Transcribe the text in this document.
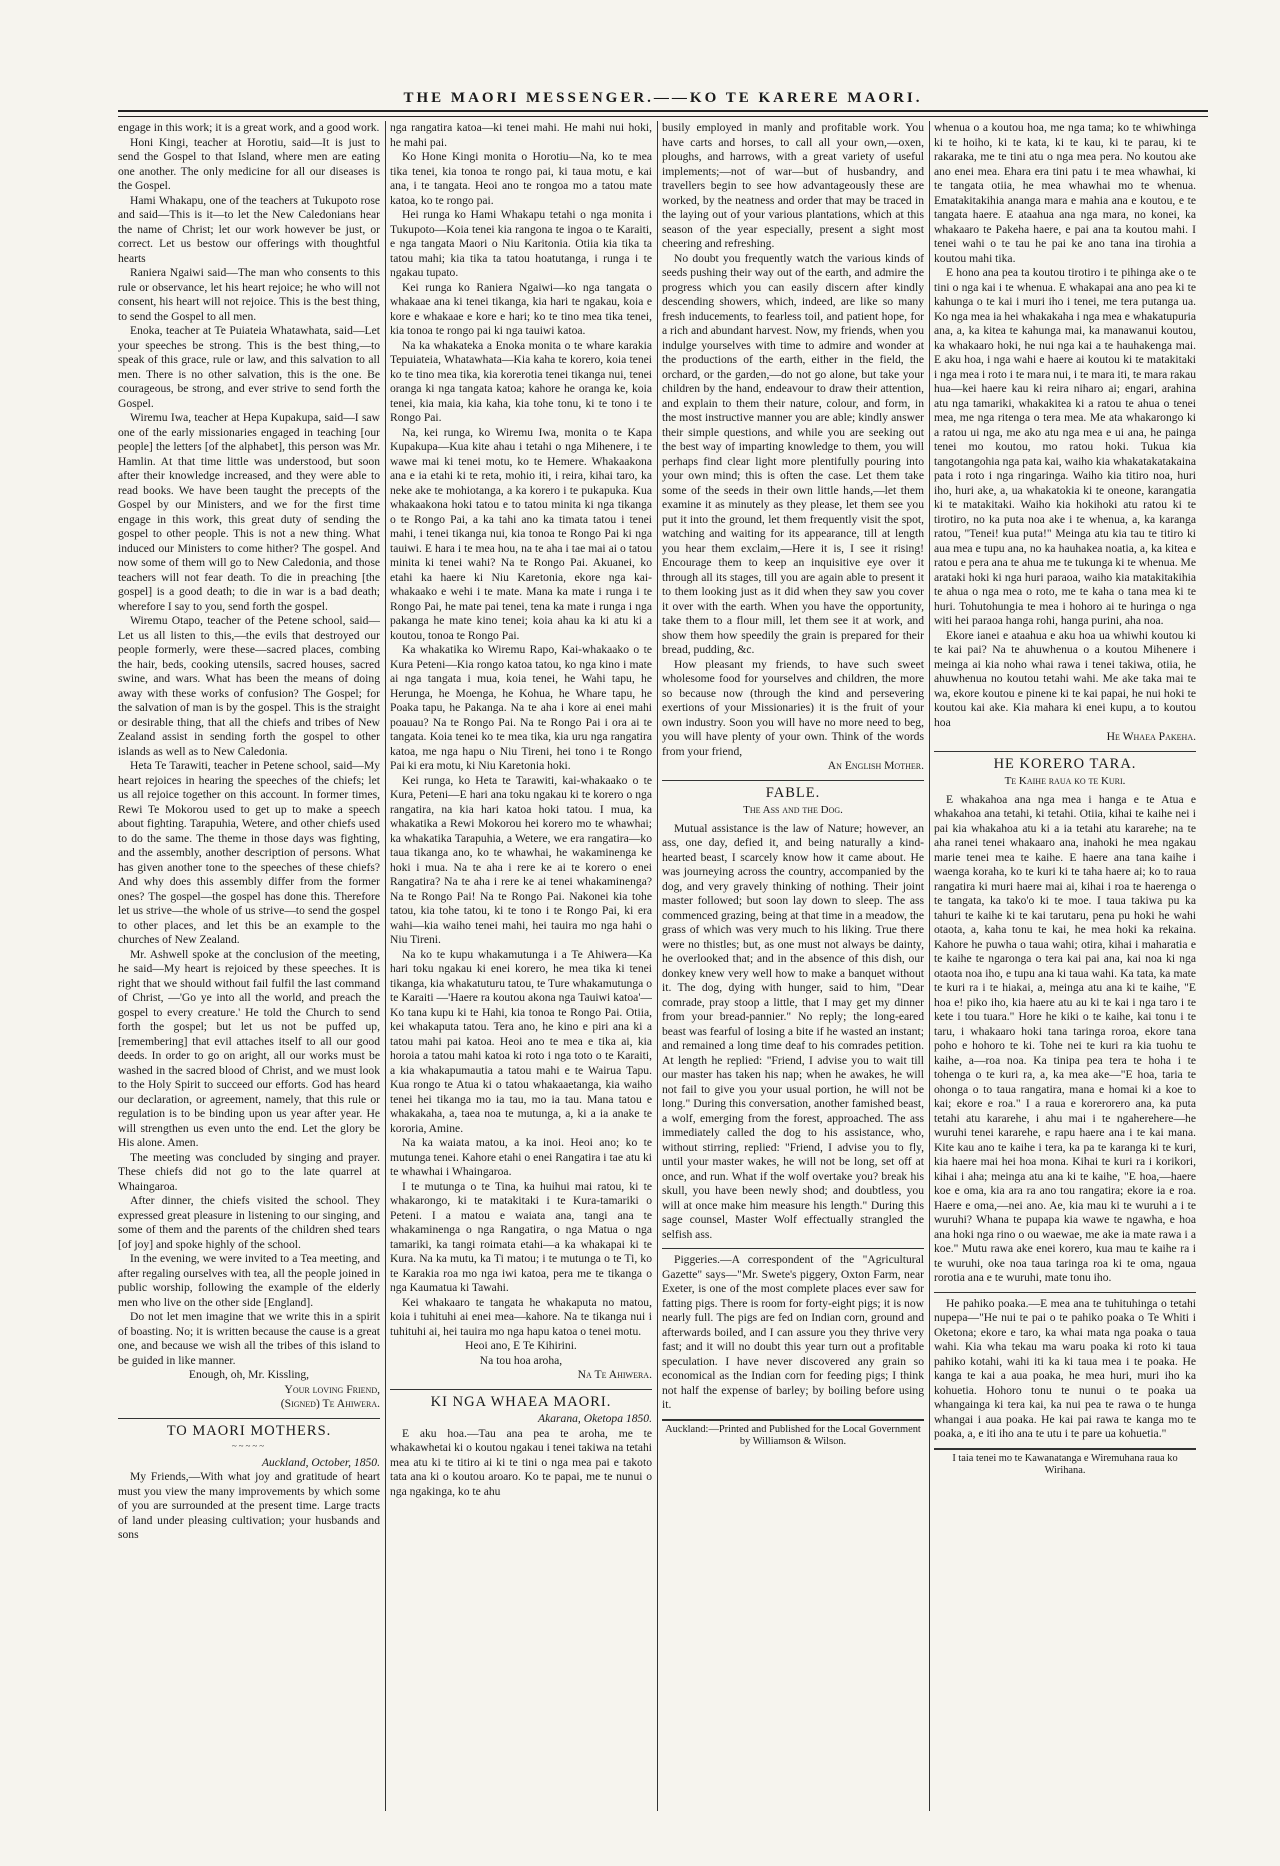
THE MAORI MESSENGER.——KO TE KARERE MAORI.

engage in this work; it is a great work, and a good work.

Honi Kingi, teacher at Horotiu, said—It is just to send the Gospel to that Island, where men are eating one another. The only medicine for all our diseases is the Gospel.

Hami Whakapu, one of the teachers at Tukupoto rose and said—This is it—to let the New Caledonians hear the name of Christ; let our work however be just, or correct. Let us bestow our offerings with thoughtful hearts

Raniera Ngaiwi said—The man who consents to this rule or observance, let his heart rejoice; he who will not consent, his heart will not rejoice. This is the best thing, to send the Gospel to all men.

Enoka, teacher at Te Puiateia Whatawhata, said—Let your speeches be strong. This is the best thing,—to speak of this grace, rule or law, and this salvation to all men. There is no other salvation, this is the one. Be courageous, be strong, and ever strive to send forth the Gospel.

Wiremu Iwa, teacher at Hepa Kupakupa, said—I saw one of the early missionaries engaged in teaching [our people] the letters [of the alphabet], this person was Mr. Hamlin. At that time little was understood, but soon after their knowledge increased, and they were able to read books. We have been taught the precepts of the Gospel by our Ministers, and we for the first time engage in this work, this great duty of sending the gospel to other people. This is not a new thing. What induced our Ministers to come hither? The gospel. And now some of them will go to New Caledonia, and those teachers will not fear death. To die in preaching [the gospel] is a good death; to die in war is a bad death; wherefore I say to you, send forth the gospel.

Wiremu Otapo, teacher of the Petene school, said—Let us all listen to this,—the evils that destroyed our people formerly, were these—sacred places, combing the hair, beds, cooking utensils, sacred houses, sacred swine, and wars. What has been the means of doing away with these works of confusion? The Gospel; for the salvation of man is by the gospel. This is the straight or desirable thing, that all the chiefs and tribes of New Zealand assist in sending forth the gospel to other islands as well as to New Caledonia.

Heta Te Tarawiti, teacher in Petene school, said—My heart rejoices in hearing the speeches of the chiefs; let us all rejoice together on this account. In former times, Rewi Te Mokorou used to get up to make a speech about fighting. Tarapuhia, Wetere, and other chiefs used to do the same. The theme in those days was fighting, and the assembly, another description of persons. What has given another tone to the speeches of these chiefs? And why does this assembly differ from the former ones? The gospel—the gospel has done this. Therefore let us strive—the whole of us strive—to send the gospel to other places, and let this be an example to the churches of New Zealand.

Mr. Ashwell spoke at the conclusion of the meeting, he said—My heart is rejoiced by these speeches. It is right that we should without fail fulfil the last command of Christ, —'Go ye into all the world, and preach the gospel to every creature.' He told the Church to send forth the gospel; but let us not be puffed up, [remembering] that evil attaches itself to all our good deeds. In order to go on aright, all our works must be washed in the sacred blood of Christ, and we must look to the Holy Spirit to succeed our efforts. God has heard our declaration, or agreement, namely, that this rule or regulation is to be binding upon us year after year. He will strengthen us even unto the end. Let the glory be His alone. Amen.

The meeting was concluded by singing and prayer. These chiefs did not go to the late quarrel at Whaingaroa.

After dinner, the chiefs visited the school. They expressed great pleasure in listening to our singing, and some of them and the parents of the children shed tears [of joy] and spoke highly of the school.

In the evening, we were invited to a Tea meeting, and after regaling ourselves with tea, all the people joined in public worship, following the example of the elderly men who live on the other side [England].

Do not let men imagine that we write this in a spirit of boasting. No; it is written because the cause is a great one, and because we wish all the tribes of this island to be guided in like manner.

Enough, oh, Mr. Kissling,

Your loving Friend,

(Signed) Te Ahiwera.

TO MAORI MOTHERS.
~~~~~

Auckland, October, 1850.

My Friends,—With what joy and gratitude of heart must you view the many improvements by which some of you are surrounded at the present time. Large tracts of land under pleasing cultivation; your husbands and sons

nga rangatira katoa—ki tenei mahi. He mahi nui hoki, he mahi pai.

Ko Hone Kingi monita o Horotiu—Na, ko te mea tika tenei, kia tonoa te rongo pai, ki taua motu, e kai ana, i te tangata. Heoi ano te rongoa mo a tatou mate katoa, ko te rongo pai.

Hei runga ko Hami Whakapu tetahi o nga monita i Tukupoto—Koia tenei kia rangona te ingoa o te Karaiti, e nga tangata Maori o Niu Karitonia. Otiia kia tika ta tatou mahi; kia tika ta tatou hoatutanga, i runga i te ngakau tupato.

Kei runga ko Raniera Ngaiwi—ko nga tangata o whakaae ana ki tenei tikanga, kia hari te ngakau, koia e kore e whakaae e kore e hari; ko te tino mea tika tenei, kia tonoa te rongo pai ki nga tauiwi katoa.

Na ka whakateka a Enoka monita o te whare karakia Tepuiateia, Whatawhata—Kia kaha te korero, koia tenei ko te tino mea tika, kia korerotia tenei tikanga nui, tenei oranga ki nga tangata katoa; kahore he oranga ke, koia tenei, kia maia, kia kaha, kia tohe tonu, ki te tono i te Rongo Pai.

Na, kei runga, ko Wiremu Iwa, monita o te Kapa Kupakupa—Kua kite ahau i tetahi o nga Mihenere, i te wawe mai ki tenei motu, ko te Hemere. Whakaakona ana e ia etahi ki te reta, mohio iti, i reira, kihai taro, ka neke ake te mohiotanga, a ka korero i te pukapuka. Kua whakaakona hoki tatou e to tatou minita ki nga tikanga o te Rongo Pai, a ka tahi ano ka timata tatou i tenei mahi, i tenei tikanga nui, kia tonoa te Rongo Pai ki nga tauiwi. E hara i te mea hou, na te aha i tae mai ai o tatou minita ki tenei wahi? Na te Rongo Pai. Akuanei, ko etahi ka haere ki Niu Karetonia, ekore nga kai-whakaako e wehi i te mate. Mana ka mate i runga i te Rongo Pai, he mate pai tenei, tena ka mate i runga i nga pakanga he mate kino tenei; koia ahau ka ki atu ki a koutou, tonoa te Rongo Pai.

Ka whakatika ko Wiremu Rapo, Kai-whakaako o te Kura Peteni—Kia rongo katoa tatou, ko nga kino i mate ai nga tangata i mua, koia tenei, he Wahi tapu, he Herunga, he Moenga, he Kohua, he Whare tapu, he Poaka tapu, he Pakanga. Na te aha i kore ai enei mahi poauau? Na te Rongo Pai. Na te Rongo Pai i ora ai te tangata. Koia tenei ko te mea tika, kia uru nga rangatira katoa, me nga hapu o Niu Tireni, hei tono i te Rongo Pai ki era motu, ki Niu Karetonia hoki.

Kei runga, ko Heta te Tarawiti, kai-whakaako o te Kura, Peteni—E hari ana toku ngakau ki te korero o nga rangatira, na kia hari katoa hoki tatou. I mua, ka whakatika a Rewi Mokorou hei korero mo te whawhai; ka whakatika Tarapuhia, a Wetere, we era rangatira—ko taua tikanga ano, ko te whawhai, he wakaminenga ke hoki i mua. Na te aha i rere ke ai te korero o enei Rangatira? Na te aha i rere ke ai tenei whakaminenga? Na te Rongo Pai! Na te Rongo Pai. Nakonei kia tohe tatou, kia tohe tatou, ki te tono i te Rongo Pai, ki era wahi—kia waiho tenei mahi, hei tauira mo nga hahi o Niu Tireni.

Na ko te kupu whakamutunga i a Te Ahiwera—Ka hari toku ngakau ki enei korero, he mea tika ki tenei tikanga, kia whakatuturu tatou, te Ture whakamutunga o te Karaiti —'Haere ra koutou akona nga Tauiwi katoa'—Ko tana kupu ki te Hahi, kia tonoa te Rongo Pai. Otiia, kei whakaputa tatou. Tera ano, he kino e piri ana ki a tatou mahi pai katoa. Heoi ano te mea e tika ai, kia horoia a tatou mahi katoa ki roto i nga toto o te Karaiti, a kia whakapumautia a tatou mahi e te Wairua Tapu. Kua rongo te Atua ki o tatou whakaaetanga, kia waiho tenei hei tikanga mo ia tau, mo ia tau. Mana tatou e whakakaha, a, taea noa te mutunga, a, ki a ia anake te kororia, Amine.

Na ka waiata matou, a ka inoi. Heoi ano; ko te mutunga tenei. Kahore etahi o enei Rangatira i tae atu ki te whawhai i Whaingaroa.

I te mutunga o te Tina, ka huihui mai ratou, ki te whakarongo, ki te matakitaki i te Kura-tamariki o Peteni. I a matou e waiata ana, tangi ana te whakaminenga o nga Rangatira, o nga Matua o nga tamariki, ka tangi roimata etahi—a ka whakapai ki te Kura. Na ka mutu, ka Ti matou; i te mutunga o te Ti, ko te Karakia roa mo nga iwi katoa, pera me te tikanga o nga Kaumatua ki Tawahi.

Kei whakaaro te tangata he whakaputa no matou, koia i tuhituhi ai enei mea—kahore. Na te tikanga nui i tuhituhi ai, hei tauira mo nga hapu katoa o tenei motu.

Heoi ano, E Te Kihirini.

Na tou hoa aroha,

Na Te Ahiwera.

KI NGA WHAEA MAORI.

Akarana, Oketopa 1850.

E aku hoa.—Tau ana pea te aroha, me te whakawhetai ki o koutou ngakau i tenei takiwa na tetahi mea atu ki te titiro ai ki te tini o nga mea pai e takoto tata ana ki o koutou aroaro. Ko te papai, me te nunui o nga ngakinga, ko te ahu

busily employed in manly and profitable work. You have carts and horses, to call all your own,—oxen, ploughs, and harrows, with a great variety of useful implements;—not of war—but of husbandry, and travellers begin to see how advantageously these are worked, by the neatness and order that may be traced in the laying out of your various plantations, which at this season of the year especially, present a sight most cheering and refreshing.

No doubt you frequently watch the various kinds of seeds pushing their way out of the earth, and admire the progress which you can easily discern after kindly descending showers, which, indeed, are like so many fresh inducements, to fearless toil, and patient hope, for a rich and abundant harvest. Now, my friends, when you indulge yourselves with time to admire and wonder at the productions of the earth, either in the field, the orchard, or the garden,—do not go alone, but take your children by the hand, endeavour to draw their attention, and explain to them their nature, colour, and form, in the most instructive manner you are able; kindly answer their simple questions, and while you are seeking out the best way of imparting knowledge to them, you will perhaps find clear light more plentifully pouring into your own mind; this is often the case. Let them take some of the seeds in their own little hands,—let them examine it as minutely as they please, let them see you put it into the ground, let them frequently visit the spot, watching and waiting for its appearance, till at length you hear them exclaim,—Here it is, I see it rising! Encourage them to keep an inquisitive eye over it through all its stages, till you are again able to present it to them looking just as it did when they saw you cover it over with the earth. When you have the opportunity, take them to a flour mill, let them see it at work, and show them how speedily the grain is prepared for their bread, pudding, &c.

How pleasant my friends, to have such sweet wholesome food for yourselves and children, the more so because now (through the kind and persevering exertions of your Missionaries) it is the fruit of your own industry. Soon you will have no more need to beg, you will have plenty of your own. Think of the words from your friend,

An English Mother.

FABLE.
The Ass and the Dog.

Mutual assistance is the law of Nature; however, an ass, one day, defied it, and being naturally a kind-hearted beast, I scarcely know how it came about. He was journeying across the country, accompanied by the dog, and very gravely thinking of nothing. Their joint master followed; but soon lay down to sleep. The ass commenced grazing, being at that time in a meadow, the grass of which was very much to his liking. True there were no thistles; but, as one must not always be dainty, he overlooked that; and in the absence of this dish, our donkey knew very well how to make a banquet without it. The dog, dying with hunger, said to him, "Dear comrade, pray stoop a little, that I may get my dinner from your bread-pannier." No reply; the long-eared beast was fearful of losing a bite if he wasted an instant; and remained a long time deaf to his comrades petition. At length he replied: "Friend, I advise you to wait till our master has taken his nap; when he awakes, he will not fail to give you your usual portion, he will not be long." During this conversation, another famished beast, a wolf, emerging from the forest, approached. The ass immediately called the dog to his assistance, who, without stirring, replied: "Friend, I advise you to fly, until your master wakes, he will not be long, set off at once, and run. What if the wolf overtake you? break his skull, you have been newly shod; and doubtless, you will at once make him measure his length." During this sage counsel, Master Wolf effectually strangled the selfish ass.

Piggeries.—A correspondent of the "Agricultural Gazette" says—"Mr. Swete's piggery, Oxton Farm, near Exeter, is one of the most complete places ever saw for fatting pigs. There is room for forty-eight pigs; it is now nearly full. The pigs are fed on Indian corn, ground and afterwards boiled, and I can assure you they thrive very fast; and it will no doubt this year turn out a profitable speculation. I have never discovered any grain so economical as the Indian corn for feeding pigs; I think not half the expense of barley; by boiling before using it.

Auckland:—Printed and Published for the Local Government by Williamson & Wilson.

whenua o a koutou hoa, me nga tama; ko te whiwhinga ki te hoiho, ki te kata, ki te kau, ki te parau, ki te rakaraka, me te tini atu o nga mea pera. No koutou ake ano enei mea. Ehara era tini patu i te mea whawhai, ki te tangata otiia, he mea whawhai mo te whenua. Ematakitakihia ananga mara e mahia ana e koutou, e te tangata haere. E ataahua ana nga mara, no konei, ka whakaaro te Pakeha haere, e pai ana ta koutou mahi. I tenei wahi o te tau he pai ke ano tana ina tirohia a koutou mahi tika.

E hono ana pea ta koutou tirotiro i te pihinga ake o te tini o nga kai i te whenua. E whakapai ana ano pea ki te kahunga o te kai i muri iho i tenei, me tera putanga ua. Ko nga mea ia hei whakakaha i nga mea e whakatupuria ana, a, ka kitea te kahunga mai, ka manawanui koutou, ka whakaaro hoki, he nui nga kai a te hauhakenga mai. E aku hoa, i nga wahi e haere ai koutou ki te matakitaki i nga mea i roto i te mara nui, i te mara iti, te mara rakau hua—kei haere kau ki reira niharo ai; engari, arahina atu nga tamariki, whakakitea ki a ratou te ahua o tenei mea, me nga ritenga o tera mea. Me ata whakarongo ki a ratou ui nga, me ako atu nga mea e ui ana, he painga tenei mo koutou, mo ratou hoki. Tukua kia tangotangohia nga pata kai, waiho kia whakatakatakaina pata i roto i nga ringaringa. Waiho kia titiro noa, huri iho, huri ake, a, ua whakatokia ki te oneone, karangatia ki te matakitaki. Waiho kia hokihoki atu ratou ki te tirotiro, no ka puta noa ake i te whenua, a, ka karanga ratou, "Tenei! kua puta!" Meinga atu kia tau te titiro ki aua mea e tupu ana, no ka hauhakea noatia, a, ka kitea e ratou e pera ana te ahua me te tukunga ki te whenua. Me arataki hoki ki nga huri paraoa, waiho kia matakitakihia te ahua o nga mea o roto, me te kaha o tana mea ki te huri. Tohutohungia te mea i hohoro ai te huringa o nga witi hei paraoa hanga rohi, hanga purini, aha noa.

Ekore ianei e ataahua e aku hoa ua whiwhi koutou ki te kai pai? Na te ahuwhenua o a koutou Mihenere i meinga ai kia noho whai rawa i tenei takiwa, otiia, he ahuwhenua no koutou tetahi wahi. Me ake taka mai te wa, ekore koutou e pinene ki te kai papai, he nui hoki te koutou kai ake. Kia mahara ki enei kupu, a to koutou hoa

He Whaea Pakeha.

HE KORERO TARA.
Te Kaihe raua ko te Kuri.

E whakahoa ana nga mea i hanga e te Atua e whakahoa ana tetahi, ki tetahi. Otiia, kihai te kaihe nei i pai kia whakahoa atu ki a ia tetahi atu kararehe; na te aha ranei tenei whakaaro ana, inahoki he mea ngakau marie tenei mea te kaihe. E haere ana tana kaihe i waenga koraha, ko te kuri ki te taha haere ai; ko to raua rangatira ki muri haere mai ai, kihai i roa te haerenga o te tangata, ka tako'o ki te moe. I taua takiwa pu ka tahuri te kaihe ki te kai tarutaru, pena pu hoki he wahi otaota, a, kaha tonu te kai, he mea hoki ka rekaina. Kahore he puwha o taua wahi; otira, kihai i maharatia e te kaihe te ngaronga o tera kai pai ana, kai noa ki nga otaota noa iho, e tupu ana ki taua wahi. Ka tata, ka mate te kuri ra i te hiakai, a, meinga atu ana ki te kaihe, "E hoa e! piko iho, kia haere atu au ki te kai i nga taro i te kete i tou tuara." Hore he kiki o te kaihe, kai tonu i te taru, i whakaaro hoki tana taringa roroa, ekore tana poho e hohoro te ki. Tohe nei te kuri ra kia tuohu te kaihe, a—roa noa. Ka tinipa pea tera te hoha i te tohenga o te kuri ra, a, ka mea ake—"E hoa, taria te ohonga o to taua rangatira, mana e homai ki a koe to kai; ekore e roa." I a raua e korerorero ana, ka puta tetahi atu kararehe, i ahu mai i te ngaherehere—he wuruhi tenei kararehe, e rapu haere ana i te kai mana. Kite kau ano te kaihe i tera, ka pa te karanga ki te kuri, kia haere mai hei hoa mona. Kihai te kuri ra i korikori, kihai i aha; meinga atu ana ki te kaihe, "E hoa,—haere koe e oma, kia ara ra ano tou rangatira; ekore ia e roa. Haere e oma,—nei ano. Ae, kia mau ki te wuruhi a i te wuruhi? Whana te pupapa kia wawe te ngawha, e hoa ana hoki nga rino o ou waewae, me ake ia mate rawa i a koe." Mutu rawa ake enei korero, kua mau te kaihe ra i te wuruhi, oke noa taua taringa roa ki te oma, ngaua rorotia ana e te wuruhi, mate tonu iho.

He pahiko poaka.—E mea ana te tuhituhinga o tetahi nupepa—"He nui te pai o te pahiko poaka o Te Whiti i Oketona; ekore e taro, ka whai mata nga poaka o taua wahi. Kia wha tekau ma waru poaka ki roto ki taua pahiko kotahi, wahi iti ka ki taua mea i te poaka. He kanga te kai a aua poaka, he mea huri, muri iho ka kohuetia. Hohoro tonu te nunui o te poaka ua whangainga ki tera kai, ka nui pea te rawa o te hunga whangai i aua poaka. He kai pai rawa te kanga mo te poaka, a, e iti iho ana te utu i te pare ua kohuetia."

I taia tenei mo te Kawanatanga e Wiremuhana raua ko Wirihana.
